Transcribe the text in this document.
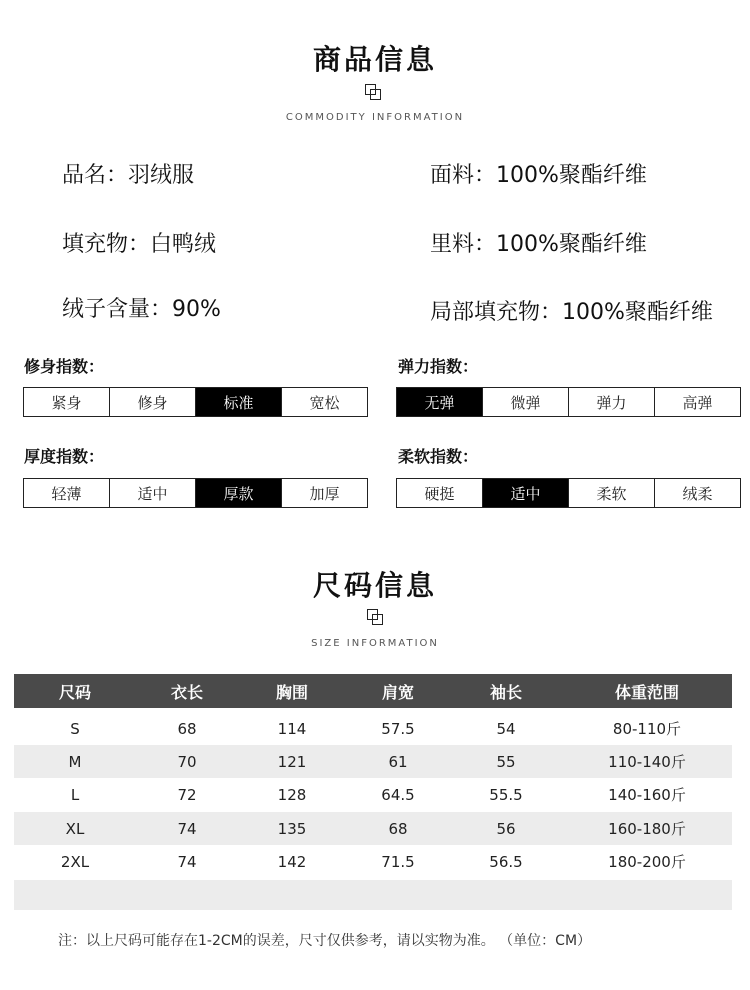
商品信息
COMMODITY INFORMATION
品名：羽绒服	面料：100%聚酯纤维
填充物：白鸭绒	里料：100%聚酯纤维
绒子含量：90%	局部填充物：100%聚酯纤维
修身指数：
紧身	修身	标准	宽松
弹力指数：
无弹	微弹	弹力	高弹
厚度指数：
轻薄	适中	厚款	加厚
柔软指数：
硬挺	适中	柔软	绒柔
尺码信息
SIZE INFORMATION
尺码	衣长	胸围	肩宽	袖长	体重范围
S	68	114	57.5	54	80-110斤
M	70	121	61	55	110-140斤
L	72	128	64.5	55.5	140-160斤
XL	74	135	68	56	160-180斤
2XL	74	142	71.5	56.5	180-200斤
注：以上尺码可能存在1-2CM的误差，尺寸仅供参考，请以实物为准。 （单位：CM）
